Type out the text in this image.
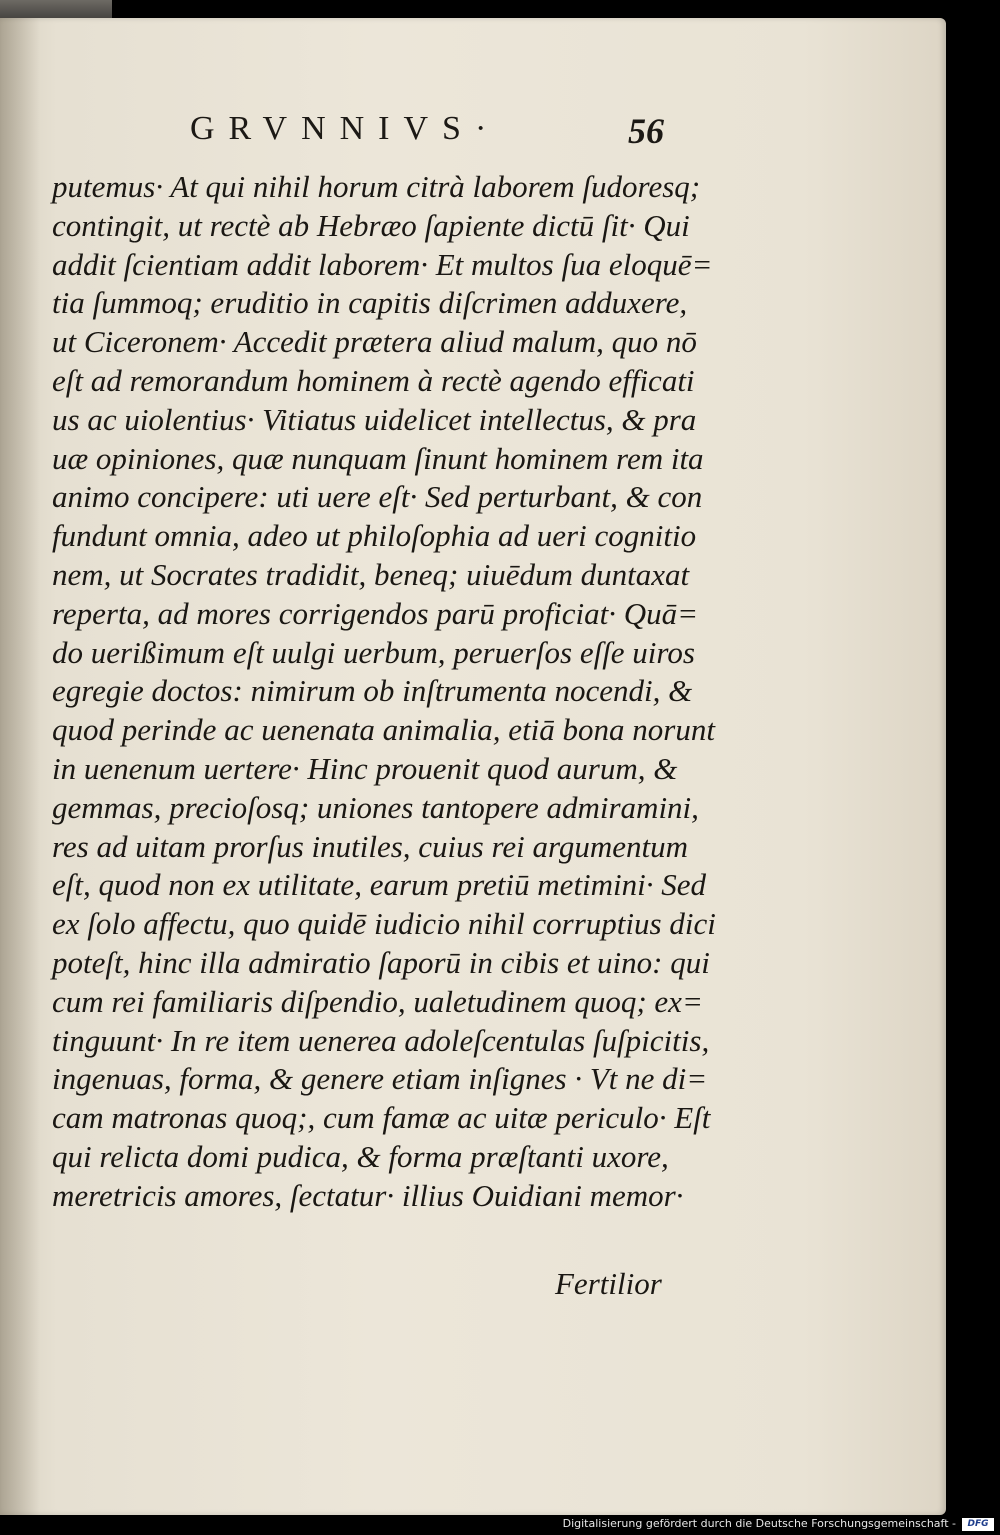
GRVNNIVS·	56
putemus· At qui nihil horum citrà laborem ſudoresq;
contingit, ut rectè ab Hebræo ſapiente dictū ſit· Qui
addit ſcientiam addit laborem· Et multos ſua eloquē=
tia ſummoq; eruditio in capitis diſcrimen adduxere,
ut Ciceronem· Accedit prætera aliud malum, quo nō
eſt ad remorandum hominem à rectè agendo efficati
us ac uiolentius· Vitiatus uidelicet intellectus, & pra
uæ opiniones, quæ nunquam ſinunt hominem rem ita
animo concipere: uti uere eſt· Sed perturbant, & con
fundunt omnia, adeo ut philoſophia ad ueri cognitio
nem, ut Socrates tradidit, beneq; uiuēdum duntaxat
reperta, ad mores corrigendos parū proficiat· Quā=
do uerißimum eſt uulgi uerbum, peruerſos eſſe uiros
egregie doctos: nimirum ob inſtrumenta nocendi, &
quod perinde ac uenenata animalia, etiā bona norunt
in uenenum uertere· Hinc prouenit quod aurum, &
gemmas, precioſosq; uniones tantopere admiramini,
res ad uitam prorſus inutiles, cuius rei argumentum
eſt, quod non ex utilitate, earum pretiū metimini· Sed
ex ſolo affectu, quo quidē iudicio nihil corruptius dici
poteſt, hinc illa admiratio ſaporū in cibis et uino: qui
cum rei familiaris diſpendio, ualetudinem quoq; ex=
tinguunt· In re item uenerea adoleſcentulas ſuſpicitis,
ingenuas, forma, & genere etiam inſignes · Vt ne di=
cam matronas quoq;, cum famæ ac uitæ periculo· Eſt
qui relicta domi pudica, & forma præſtanti uxore,
meretricis amores, ſectatur· illius Ouidiani memor·
Fertilior
Digitalisierung gefördert durch die Deutsche Forschungsgemeinschaft -	DFG
